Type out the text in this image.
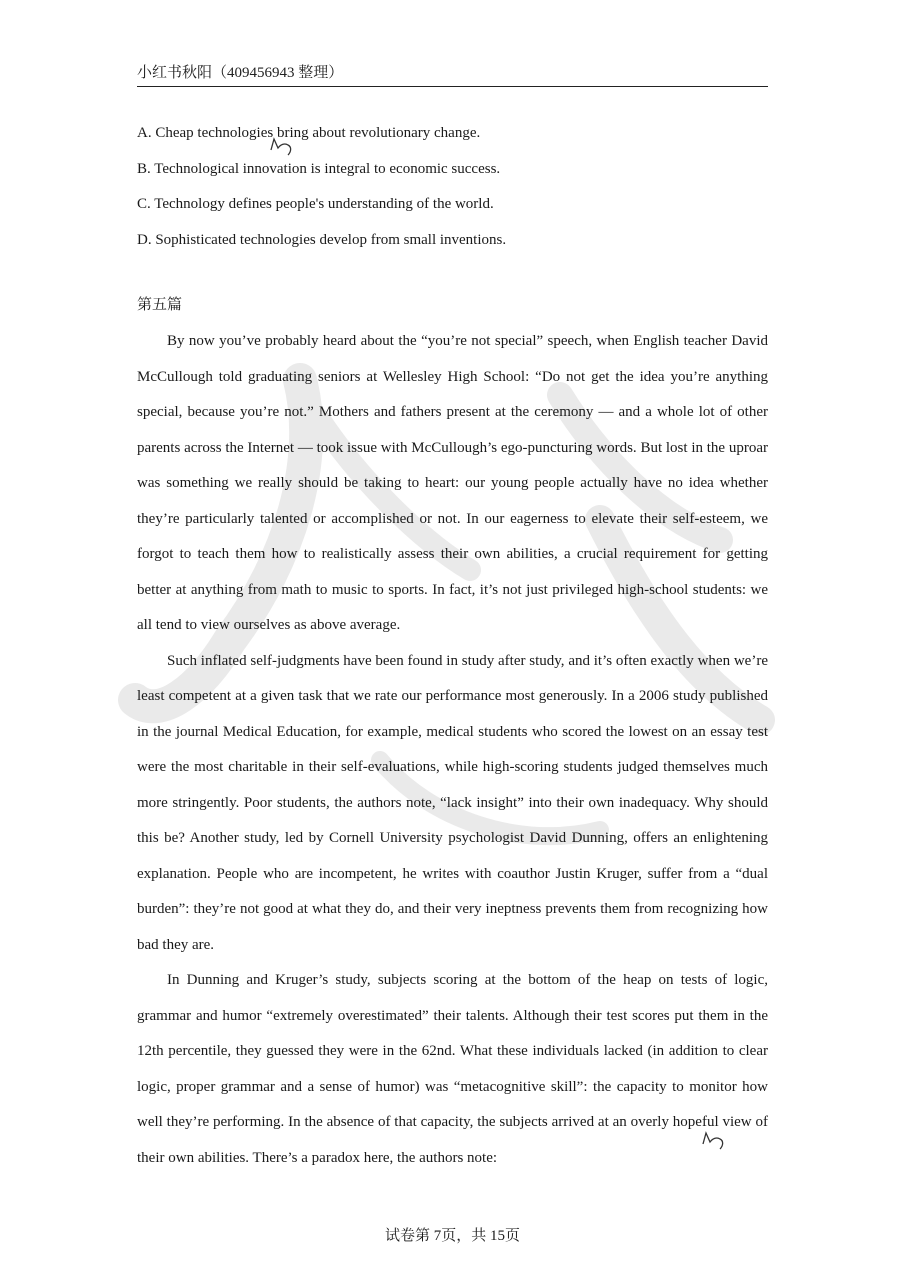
小红书秋阳（409456943 整理）
A. Cheap technologies bring about revolutionary change.
B. Technological innovation is integral to economic success.
C. Technology defines people's understanding of the world.
D. Sophisticated technologies develop from small inventions.
第五篇

By now you’ve probably heard about the “you’re not special” speech, when English teacher David McCullough told graduating seniors at Wellesley High School: “Do not get the idea you’re anything special, because you’re not.” Mothers and fathers present at the ceremony — and a whole lot of other parents across the Internet — took issue with McCullough’s ego-puncturing words. But lost in the uproar was something we really should be taking to heart: our young people actually have no idea whether they’re particularly talented or accomplished or not. In our eagerness to elevate their self-esteem, we forgot to teach them how to realistically assess their own abilities, a crucial requirement for getting better at anything from math to music to sports. In fact, it’s not just privileged high-school students: we all tend to view ourselves as above average.

Such inflated self-judgments have been found in study after study, and it’s often exactly when we’re least competent at a given task that we rate our performance most generously. In a 2006 study published in the journal Medical Education, for example, medical students who scored the lowest on an essay test were the most charitable in their self-evaluations, while high-scoring students judged themselves much more stringently. Poor students, the authors note, “lack insight” into their own inadequacy. Why should this be? Another study, led by Cornell University psychologist David Dunning, offers an enlightening explanation. People who are incompetent, he writes with coauthor Justin Kruger, suffer from a “dual burden”: they’re not good at what they do, and their very ineptness prevents them from recognizing how bad they are.

In Dunning and Kruger’s study, subjects scoring at the bottom of the heap on tests of logic, grammar and humor “extremely overestimated” their talents. Although their test scores put them in the 12th percentile, they guessed they were in the 62nd. What these individuals lacked (in addition to clear logic, proper grammar and a sense of humor) was “metacognitive skill”: the capacity to monitor how well they’re performing. In the absence of that capacity, the subjects arrived at an overly hopeful view of their own abilities. There’s a paradox here, the authors note:

试卷第 7页，共 15页
